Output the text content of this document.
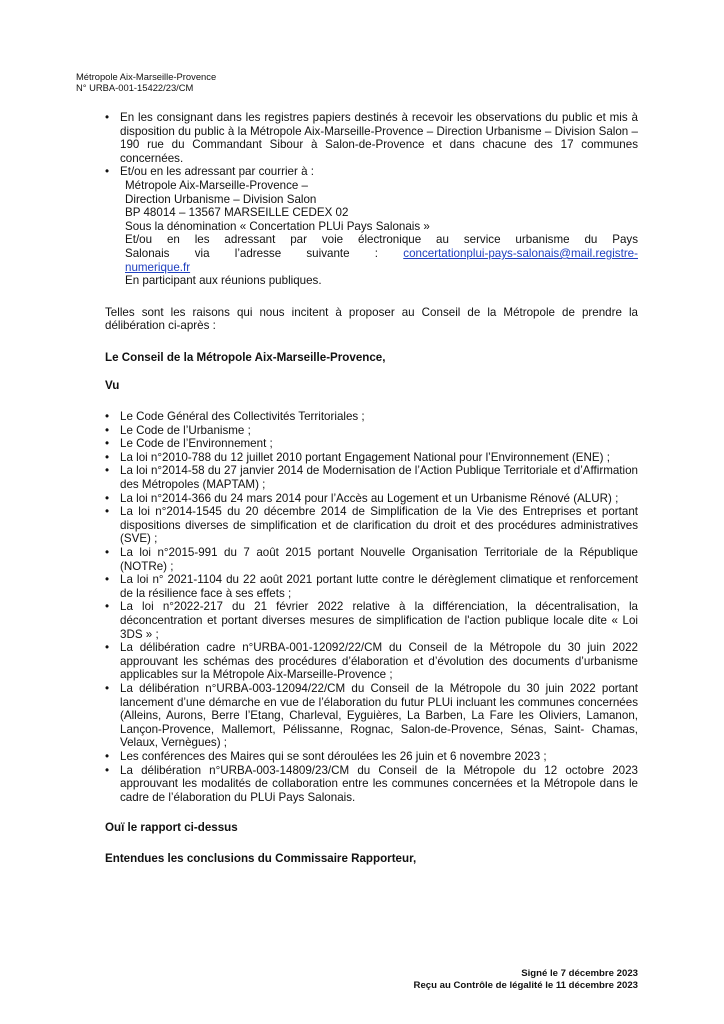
Métropole Aix-Marseille-Provence
N° URBA-001-15422/23/CM
• En les consignant dans les registres papiers destinés à recevoir les observations du public et mis à disposition du public à la Métropole Aix-Marseille-Provence – Direction Urbanisme – Division Salon – 190 rue du Commandant Sibour à Salon-de-Provence et dans chacune des 17 communes concernées.
• Et/ou en les adressant par courrier à :
Métropole Aix-Marseille-Provence –
Direction Urbanisme – Division Salon
BP 48014 – 13567 MARSEILLE CEDEX 02
Sous la dénomination « Concertation PLUi Pays Salonais »
Et/ou en les adressant par voie électronique au service urbanisme du Pays
Salonais via l’adresse suivante : concertationplui-pays-salonais@mail.registre-
numerique.fr
En participant aux réunions publiques.

Telles sont les raisons qui nous incitent à proposer au Conseil de la Métropole de prendre la délibération ci-après :

Le Conseil de la Métropole Aix-Marseille-Provence,

Vu

• Le Code Général des Collectivités Territoriales ;
• Le Code de l’Urbanisme ;
• Le Code de l’Environnement ;
• La loi n°2010-788 du 12 juillet 2010 portant Engagement National pour l’Environnement (ENE) ;
• La loi n°2014-58 du 27 janvier 2014 de Modernisation de l’Action Publique Territoriale et d’Affirmation des Métropoles (MAPTAM) ;
• La loi n°2014-366 du 24 mars 2014 pour l’Accès au Logement et un Urbanisme Rénové (ALUR) ;
• La loi n°2014-1545 du 20 décembre 2014 de Simplification de la Vie des Entreprises et portant dispositions diverses de simplification et de clarification du droit et des procédures administratives (SVE) ;
• La loi n°2015-991 du 7 août 2015 portant Nouvelle Organisation Territoriale de la République (NOTRe) ;
• La loi n° 2021-1104 du 22 août 2021 portant lutte contre le dérèglement climatique et renforcement de la résilience face à ses effets ;
• La loi n°2022-217 du 21 février 2022 relative à la différenciation, la décentralisation, la déconcentration et portant diverses mesures de simplification de l'action publique locale dite « Loi 3DS » ;
• La délibération cadre n°URBA-001-12092/22/CM du Conseil de la Métropole du 30 juin 2022 approuvant les schémas des procédures d’élaboration et d’évolution des documents d’urbanisme applicables sur la Métropole Aix-Marseille-Provence ;
• La délibération n°URBA-003-12094/22/CM du Conseil de la Métropole du 30 juin 2022 portant lancement d’une démarche en vue de l’élaboration du futur PLUi incluant les communes concernées (Alleins, Aurons, Berre l’Etang, Charleval, Eyguières, La Barben, La Fare les Oliviers, Lamanon, Lançon-Provence, Mallemort, Pélissanne, Rognac, Salon-de-Provence, Sénas, Saint- Chamas, Velaux, Vernègues) ;
• Les conférences des Maires qui se sont déroulées les 26 juin et 6 novembre 2023 ;
• La délibération n°URBA-003-14809/23/CM du Conseil de la Métropole du 12 octobre 2023 approuvant les modalités de collaboration entre les communes concernées et la Métropole dans le cadre de l’élaboration du PLUi Pays Salonais.

Ouï le rapport ci-dessus

Entendues les conclusions du Commissaire Rapporteur,

Signé le 7 décembre 2023
Reçu au Contrôle de légalité le 11 décembre 2023
